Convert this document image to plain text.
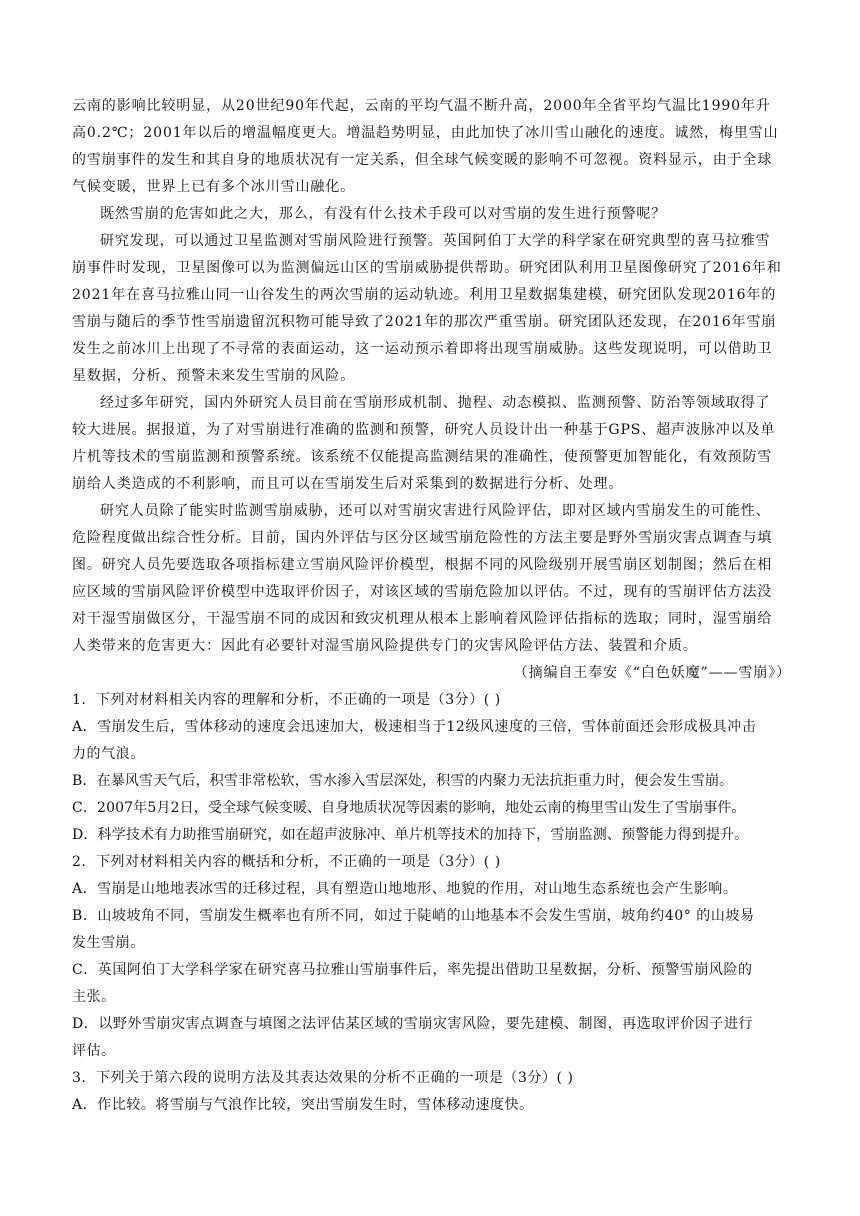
云南的影响比较明显，从20世纪90年代起，云南的平均气温不断升高，2000年全省平均气温比1990年升
高0.2℃；2001年以后的增温幅度更大。增温趋势明显，由此加快了冰川雪山融化的速度。诚然，梅里雪山
的雪崩事件的发生和其自身的地质状况有一定关系，但全球气候变暖的影响不可忽视。资料显示，由于全球
气候变暖，世界上已有多个冰川雪山融化。
既然雪崩的危害如此之大，那么，有没有什么技术手段可以对雪崩的发生进行预警呢？
研究发现，可以通过卫星监测对雪崩风险进行预警。英国阿伯丁大学的科学家在研究典型的喜马拉雅雪
崩事件时发现，卫星图像可以为监测偏远山区的雪崩威胁提供帮助。研究团队利用卫星图像研究了2016年和
2021年在喜马拉雅山同一山谷发生的两次雪崩的运动轨迹。利用卫星数据集建模，研究团队发现2016年的
雪崩与随后的季节性雪崩遗留沉积物可能导致了2021年的那次严重雪崩。研究团队还发现，在2016年雪崩
发生之前冰川上出现了不寻常的表面运动，这一运动预示着即将出现雪崩威胁。这些发现说明，可以借助卫
星数据，分析、预警未来发生雪崩的风险。
经过多年研究，国内外研究人员目前在雪崩形成机制、抛程、动态模拟、监测预警、防治等领域取得了
较大进展。据报道，为了对雪崩进行准确的监测和预警，研究人员设计出一种基于GPS、超声波脉冲以及单
片机等技术的雪崩监测和预警系统。该系统不仅能提高监测结果的准确性，使预警更加智能化，有效预防雪
崩给人类造成的不利影响，而且可以在雪崩发生后对采集到的数据进行分析、处理。
研究人员除了能实时监测雪崩威胁，还可以对雪崩灾害进行风险评估，即对区域内雪崩发生的可能性、
危险程度做出综合性分析。目前，国内外评估与区分区域雪崩危险性的方法主要是野外雪崩灾害点调查与填
图。研究人员先要选取各项指标建立雪崩风险评价模型，根据不同的风险级别开展雪崩区划制图；然后在相
应区域的雪崩风险评价模型中选取评价因子，对该区域的雪崩危险加以评估。不过，现有的雪崩评估方法没
对干湿雪崩做区分，干湿雪崩不同的成因和致灾机理从根本上影响着风险评估指标的选取；同时，湿雪崩给
人类带来的危害更大：因此有必要针对湿雪崩风险提供专门的灾害风险评估方法、装置和介质。
（摘编自王奉安《“白色妖魔”——雪崩》）
1．下列对材料相关内容的理解和分析，不正确的一项是（3分）( )
A．雪崩发生后，雪体移动的速度会迅速加大，极速相当于12级风速度的三倍，雪体前面还会形成极具冲击
力的气浪。
B．在暴风雪天气后，积雪非常松软，雪水渗入雪层深处，积雪的内聚力无法抗拒重力时，便会发生雪崩。
C．2007年5月2日，受全球气候变暖、自身地质状况等因素的影响，地处云南的梅里雪山发生了雪崩事件。
D．科学技术有力助推雪崩研究，如在超声波脉冲、单片机等技术的加持下，雪崩监测、预警能力得到提升。
2．下列对材料相关内容的概括和分析，不正确的一项是（3分）( )
A．雪崩是山地地表冰雪的迁移过程，具有塑造山地地形、地貌的作用，对山地生态系统也会产生影响。
B．山坡坡角不同，雪崩发生概率也有所不同，如过于陡峭的山地基本不会发生雪崩，坡角约40° 的山坡易
发生雪崩。
C．英国阿伯丁大学科学家在研究喜马拉雅山雪崩事件后，率先提出借助卫星数据，分析、预警雪崩风险的
主张。
D．以野外雪崩灾害点调查与填图之法评估某区域的雪崩灾害风险，要先建模、制图，再选取评价因子进行
评估。
3．下列关于第六段的说明方法及其表达效果的分析不正确的一项是（3分）( )
A．作比较。将雪崩与气浪作比较，突出雪崩发生时，雪体移动速度快。
